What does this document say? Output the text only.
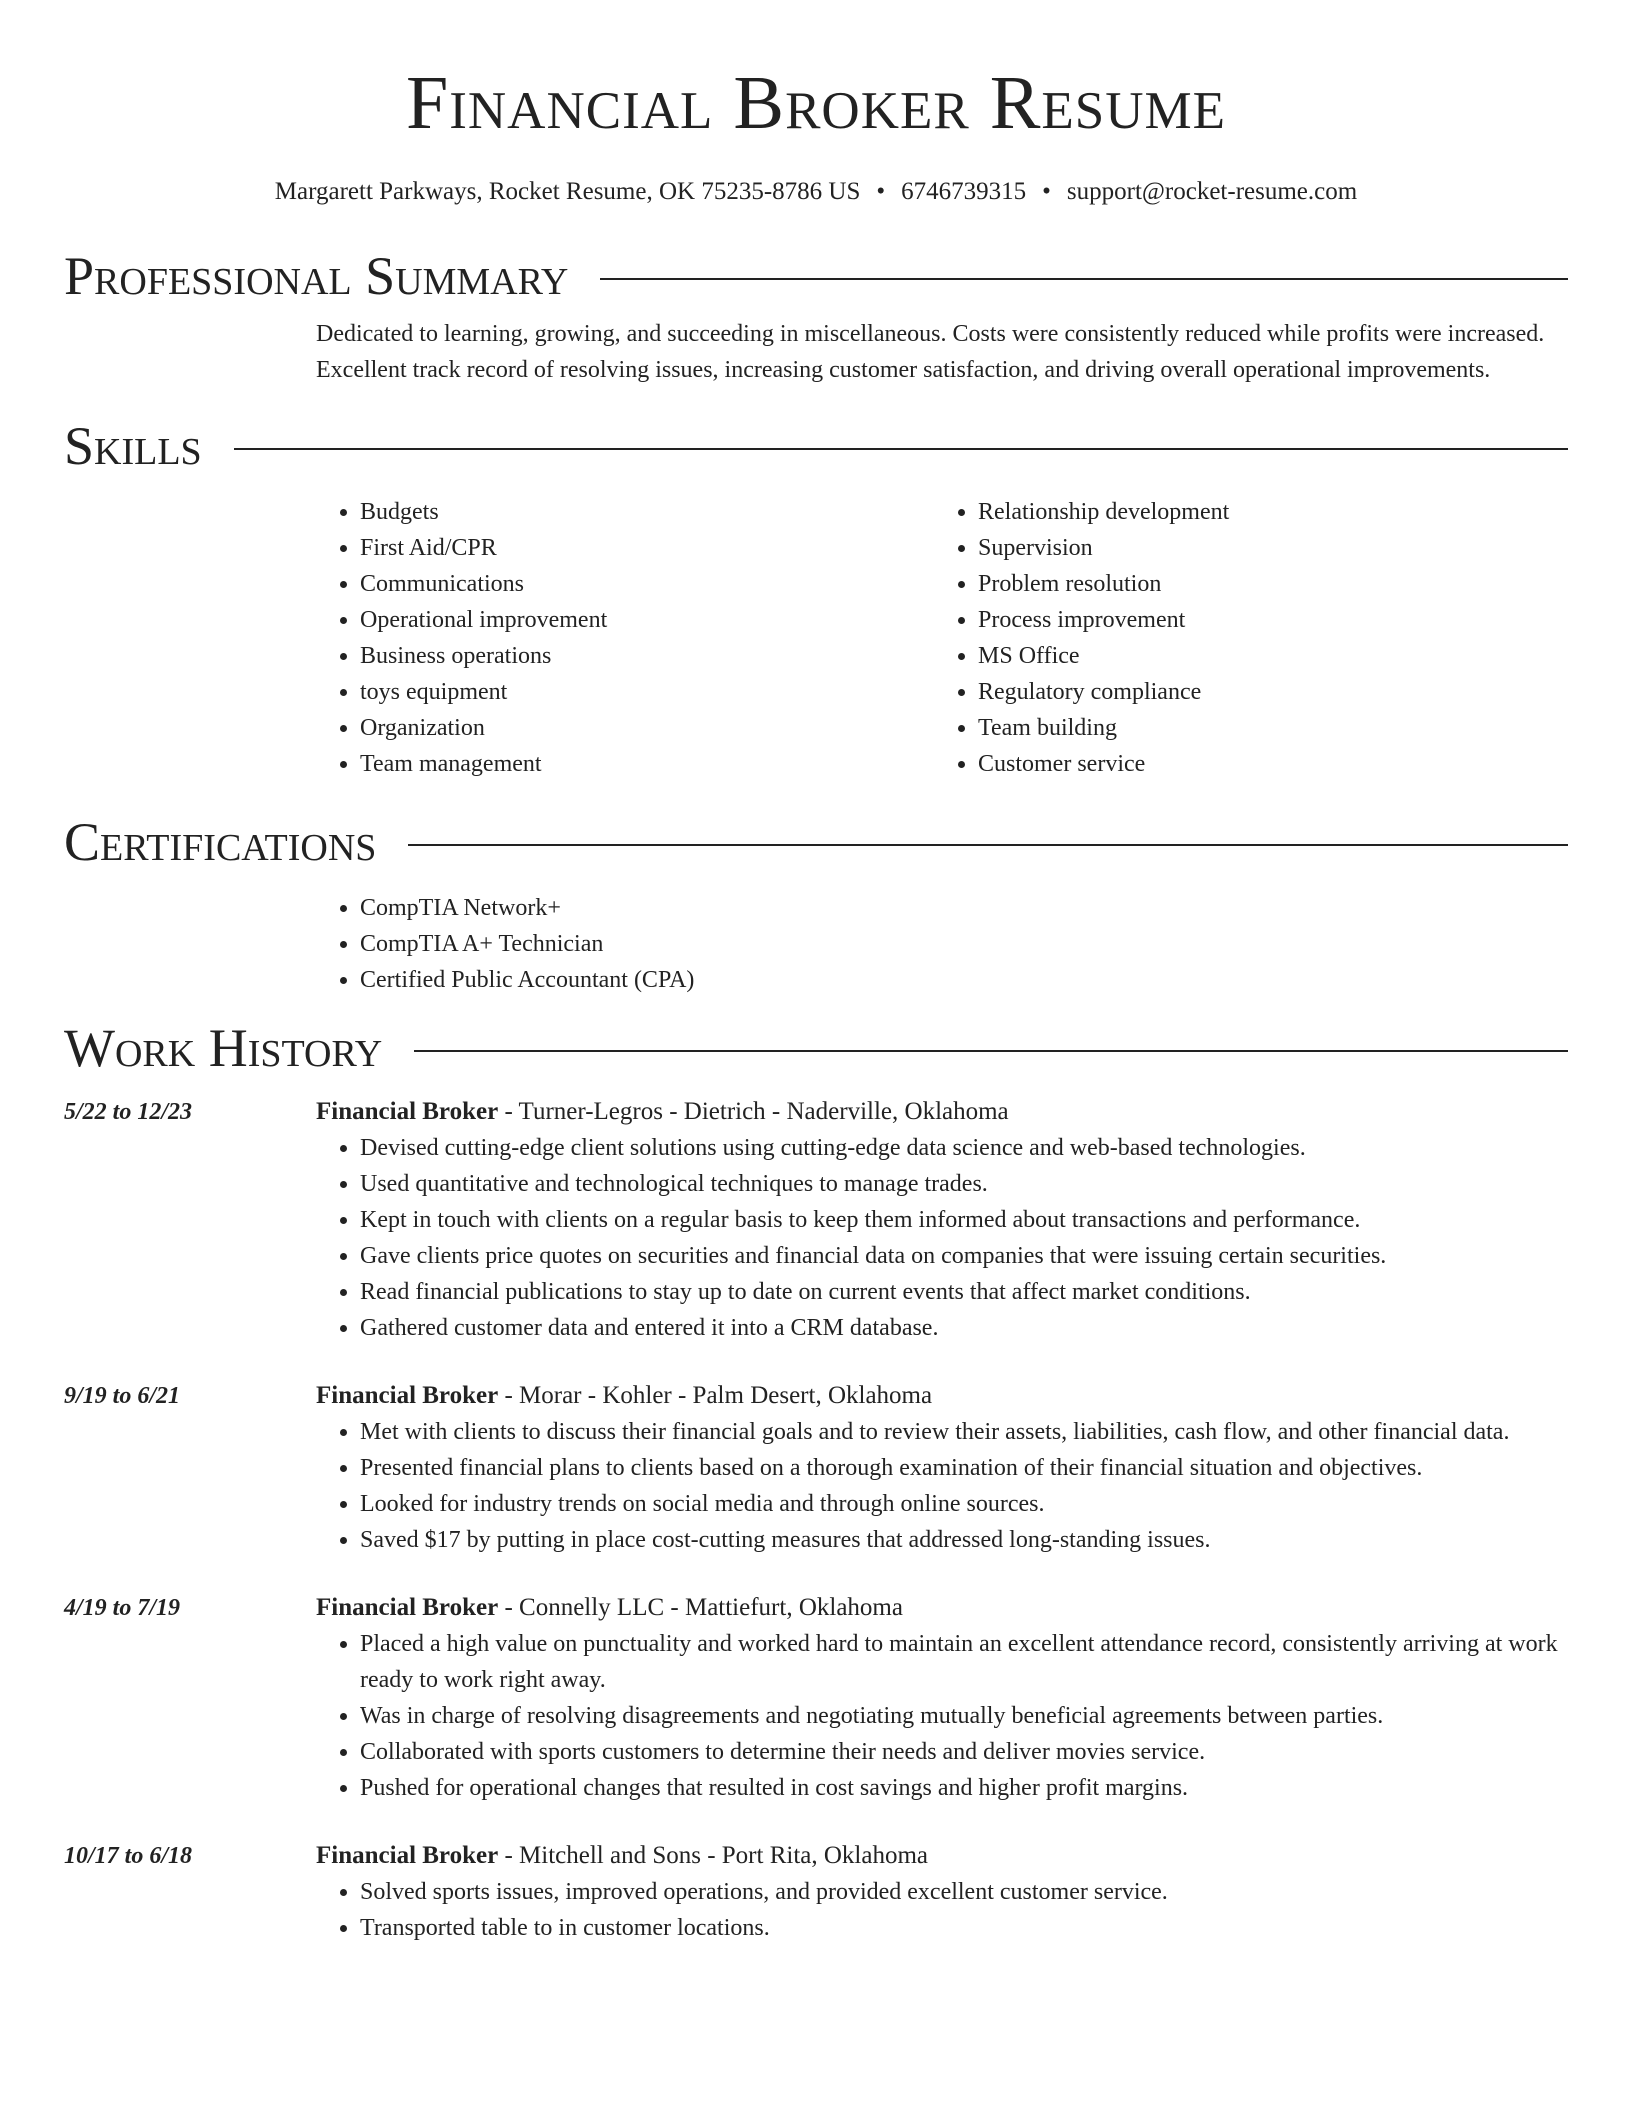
Financial Broker Resume
Margarett Parkways, Rocket Resume, OK 75235-8786 US • 6746739315 • support@rocket-resume.com
Professional Summary

Dedicated to learning, growing, and succeeding in miscellaneous. Costs were consistently reduced while profits were increased. Excellent track record of resolving issues, increasing customer satisfaction, and driving overall operational improvements.

Skills
• Budgets
• First Aid/CPR
• Communications
• Operational improvement
• Business operations
• toys equipment
• Organization
• Team management
• Relationship development
• Supervision
• Problem resolution
• Process improvement
• MS Office
• Regulatory compliance
• Team building
• Customer service
Certifications
• CompTIA Network+
• CompTIA A+ Technician
• Certified Public Accountant (CPA)
Work History
5/22 to 12/23	Financial Broker - Turner-Legros - Dietrich - Naderville, Oklahoma
• Devised cutting-edge client solutions using cutting-edge data science and web-based technologies.
• Used quantitative and technological techniques to manage trades.
• Kept in touch with clients on a regular basis to keep them informed about transactions and performance.
• Gave clients price quotes on securities and financial data on companies that were issuing certain securities.
• Read financial publications to stay up to date on current events that affect market conditions.
• Gathered customer data and entered it into a CRM database.
9/19 to 6/21	Financial Broker - Morar - Kohler - Palm Desert, Oklahoma
• Met with clients to discuss their financial goals and to review their assets, liabilities, cash flow, and other financial data.
• Presented financial plans to clients based on a thorough examination of their financial situation and objectives.
• Looked for industry trends on social media and through online sources.
• Saved $17 by putting in place cost-cutting measures that addressed long-standing issues.
4/19 to 7/19	Financial Broker - Connelly LLC - Mattiefurt, Oklahoma
• Placed a high value on punctuality and worked hard to maintain an excellent attendance record, consistently arriving at work ready to work right away.
• Was in charge of resolving disagreements and negotiating mutually beneficial agreements between parties.
• Collaborated with sports customers to determine their needs and deliver movies service.
• Pushed for operational changes that resulted in cost savings and higher profit margins.
10/17 to 6/18	Financial Broker - Mitchell and Sons - Port Rita, Oklahoma
• Solved sports issues, improved operations, and provided excellent customer service.
• Transported table to in customer locations.
